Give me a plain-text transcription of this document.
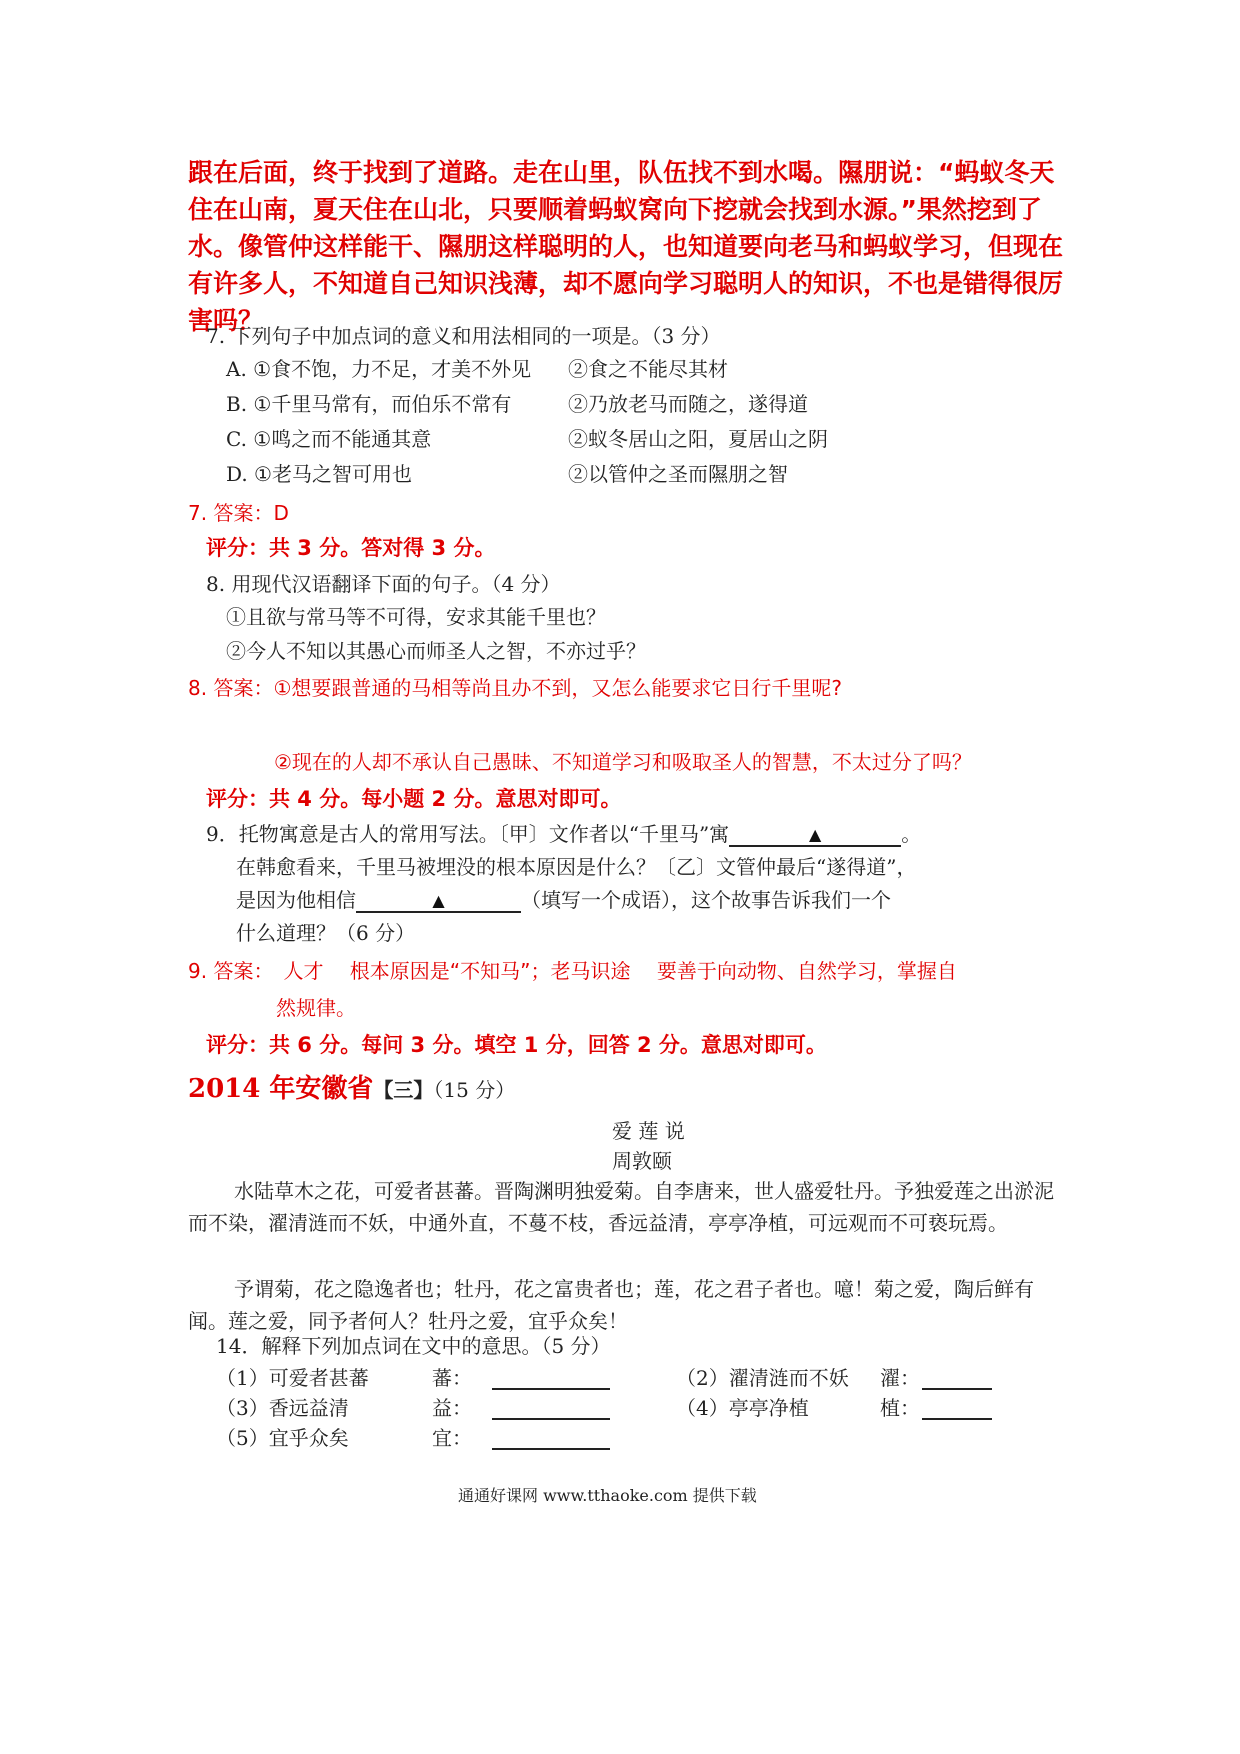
跟在后面，终于找到了道路。走在山里，队伍找不到水喝。隰朋说：“蚂蚁冬天住在山南，夏天住在山北，只要顺着蚂蚁窝向下挖就会找到水源。”果然挖到了水。像管仲这样能干、隰朋这样聪明的人，也知道要向老马和蚂蚁学习，但现在有许多人，不知道自己知识浅薄，却不愿向学习聪明人的知识，不也是错得很厉害吗？
7. 下列句子中加点词的意义和用法相同的一项是。（3 分）
A. ①食不饱，力不足，才美不外见 ②食之不能尽其材
B. ①千里马常有，而伯乐不常有	②乃放老马而随之，遂得道
C. ①鸣之而不能通其意	②蚁冬居山之阳，夏居山之阴
D. ①老马之智可用也	②以管仲之圣而隰朋之智
7. 答案：D
评分：共 3 分。答对得 3 分。
8. 用现代汉语翻译下面的句子。（4 分）
①且欲与常马等不可得，安求其能千里也？
②今人不知以其愚心而师圣人之智，不亦过乎？
8. 答案：①想要跟普通的马相等尚且办不到，又怎么能要求它日行千里呢?
②现在的人却不承认自己愚昧、不知道学习和吸取圣人的智慧，不太过分了吗？
评分：共 4 分。每小题 2 分。意思对即可。
9．托物寓意是古人的常用写法。〔甲〕文作者以“千里马”寓	▲	。
在韩愈看来，千里马被埋没的根本原因是什么？〔乙〕文管仲最后“遂得道”，
是因为他相信	▲	（填写一个成语），这个故事告诉我们一个
什么道理？（6 分）
9. 答案：　人才　 根本原因是“不知马”；老马识途　 要善于向动物、自然学习，掌握自
然规律。
评分：共 6 分。每问 3 分。填空 1 分，回答 2 分。意思对即可。
2014 年安徽省【三】（15 分）
爱 莲 说
周敦颐
水陆草木之花，可爱者甚蕃。晋陶渊明独爱菊。自李唐来，世人盛爱牡丹。予独爱莲之出淤泥而不染，濯清涟而不妖，中通外直，不蔓不枝，香远益清，亭亭净植，可远观而不可亵玩焉。
予谓菊，花之隐逸者也；牡丹，花之富贵者也；莲，花之君子者也。噫！菊之爱，陶后鲜有闻。莲之爱，同予者何人？牡丹之爱，宜乎众矣！
14．解释下列加点词在文中的意思。（5 分）
（1）可爱者甚蕃	蕃：	（2）濯清涟而不妖 濯：
（3）香远益清	益：	（4）亭亭净植	植：
（5）宜乎众矣	宜：
通通好课网 www.tthaoke.com 提供下载
